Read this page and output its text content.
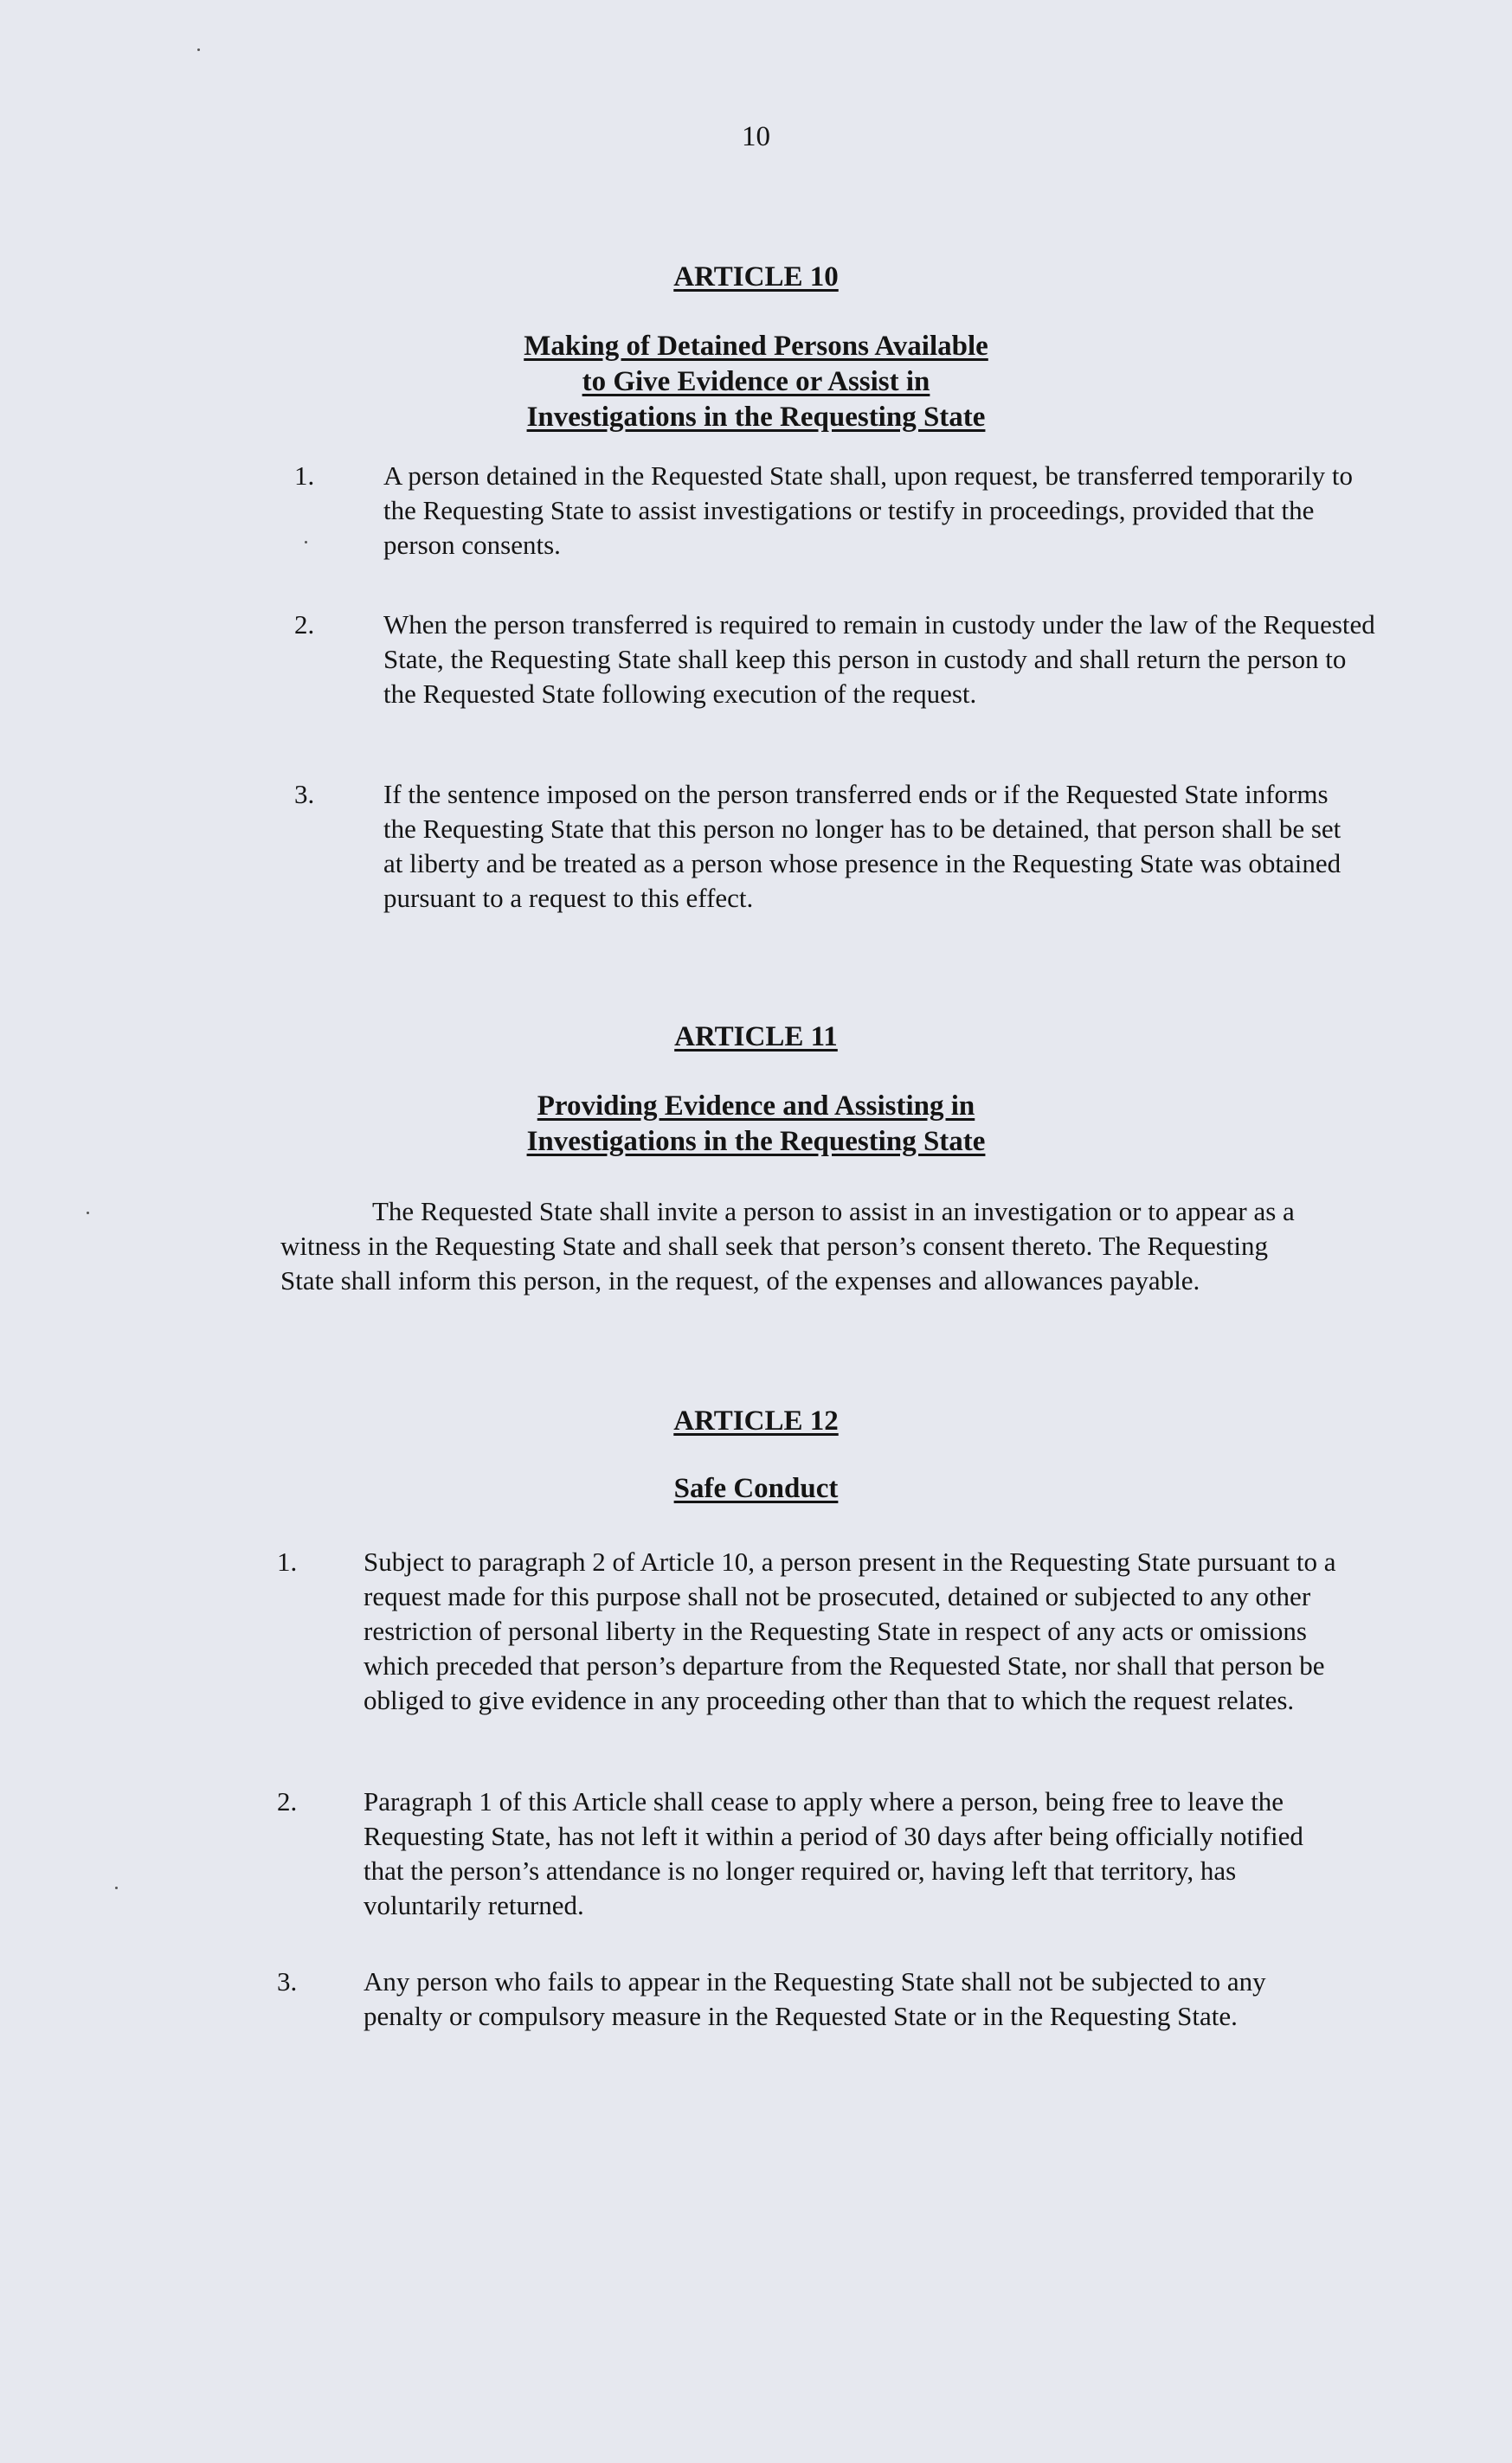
10
ARTICLE 10
Making of Detained Persons Available
to Give Evidence or Assist in
Investigations in the Requesting State
1.	A person detained in the Requested State shall, upon request, be transferred temporarily to the Requesting State to assist investigations or testify in proceedings, provided that the person consents.
2.	When the person transferred is required to remain in custody under the law of the Requested State, the Requesting State shall keep this person in custody and shall return the person to the Requested State following execution of the request.
3.	If the sentence imposed on the person transferred ends or if the Requested State informs the Requesting State that this person no longer has to be detained, that person shall be set at liberty and be treated as a person whose presence in the Requesting State was obtained pursuant to a request to this effect.
ARTICLE 11
Providing Evidence and Assisting in
Investigations in the Requesting State
The Requested State shall invite a person to assist in an investigation or to appear as a witness in the Requesting State and shall seek that person’s consent thereto. The Requesting State shall inform this person, in the request, of the expenses and allowances payable.
ARTICLE 12
Safe Conduct
1. Subject to paragraph 2 of Article 10, a person present in the Requesting State pursuant to a request made for this purpose shall not be prosecuted, detained or subjected to any other restriction of personal liberty in the Requesting State in respect of any acts or omissions which preceded that person’s departure from the Requested State, nor shall that person be obliged to give evidence in any proceeding other than that to which the request relates.
2. Paragraph 1 of this Article shall cease to apply where a person, being free to leave the Requesting State, has not left it within a period of 30 days after being officially notified that the person’s attendance is no longer required or, having left that territory, has voluntarily returned.
3. Any person who fails to appear in the Requesting State shall not be subjected to any penalty or compulsory measure in the Requested State or in the Requesting State.
